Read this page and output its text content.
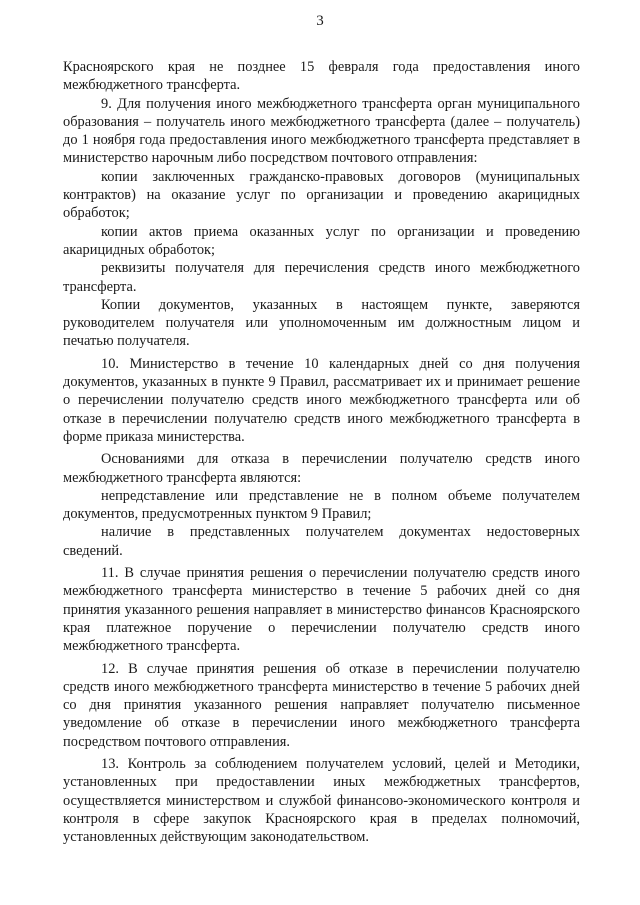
3

Красноярского края не позднее 15 февраля года предоставления иного межбюджетного трансферта.

9. Для получения иного межбюджетного трансферта орган муниципального образования – получатель иного межбюджетного трансферта (далее – получатель) до 1 ноября года предоставления иного межбюджетного трансферта представляет в министерство нарочным либо посредством почтового отправления:

копии заключенных гражданско-правовых договоров (муниципальных контрактов) на оказание услуг по организации и проведению акарицидных обработок;

копии актов приема оказанных услуг по организации и проведению акарицидных обработок;

реквизиты получателя для перечисления средств иного межбюджетного трансферта.

Копии документов, указанных в настоящем пункте, заверяются руководителем получателя или уполномоченным им должностным лицом и печатью получателя.

10. Министерство в течение 10 календарных дней со дня получения документов, указанных в пункте 9 Правил, рассматривает их и принимает решение о перечислении получателю средств иного межбюджетного трансферта или об отказе в перечислении получателю средств иного межбюджетного трансферта в форме приказа министерства.

Основаниями для отказа в перечислении получателю средств иного межбюджетного трансферта являются:

непредставление или представление не в полном объеме получателем документов, предусмотренных пунктом 9 Правил;

наличие в представленных получателем документах недостоверных сведений.

11. В случае принятия решения о перечислении получателю средств иного межбюджетного трансферта министерство в течение 5 рабочих дней со дня принятия указанного решения направляет в министерство финансов Красноярского края платежное поручение о перечислении получателю средств иного межбюджетного трансферта.

12. В случае принятия решения об отказе в перечислении получателю средств иного межбюджетного трансферта министерство в течение 5 рабочих дней со дня принятия указанного решения направляет получателю письменное уведомление об отказе в перечислении иного межбюджетного трансферта посредством почтового отправления.

13. Контроль за соблюдением получателем условий, целей и Методики, установленных при предоставлении иных межбюджетных трансфертов, осуществляется министерством и службой финансово-экономического контроля и контроля в сфере закупок Красноярского края в пределах полномочий, установленных действующим законодательством.
